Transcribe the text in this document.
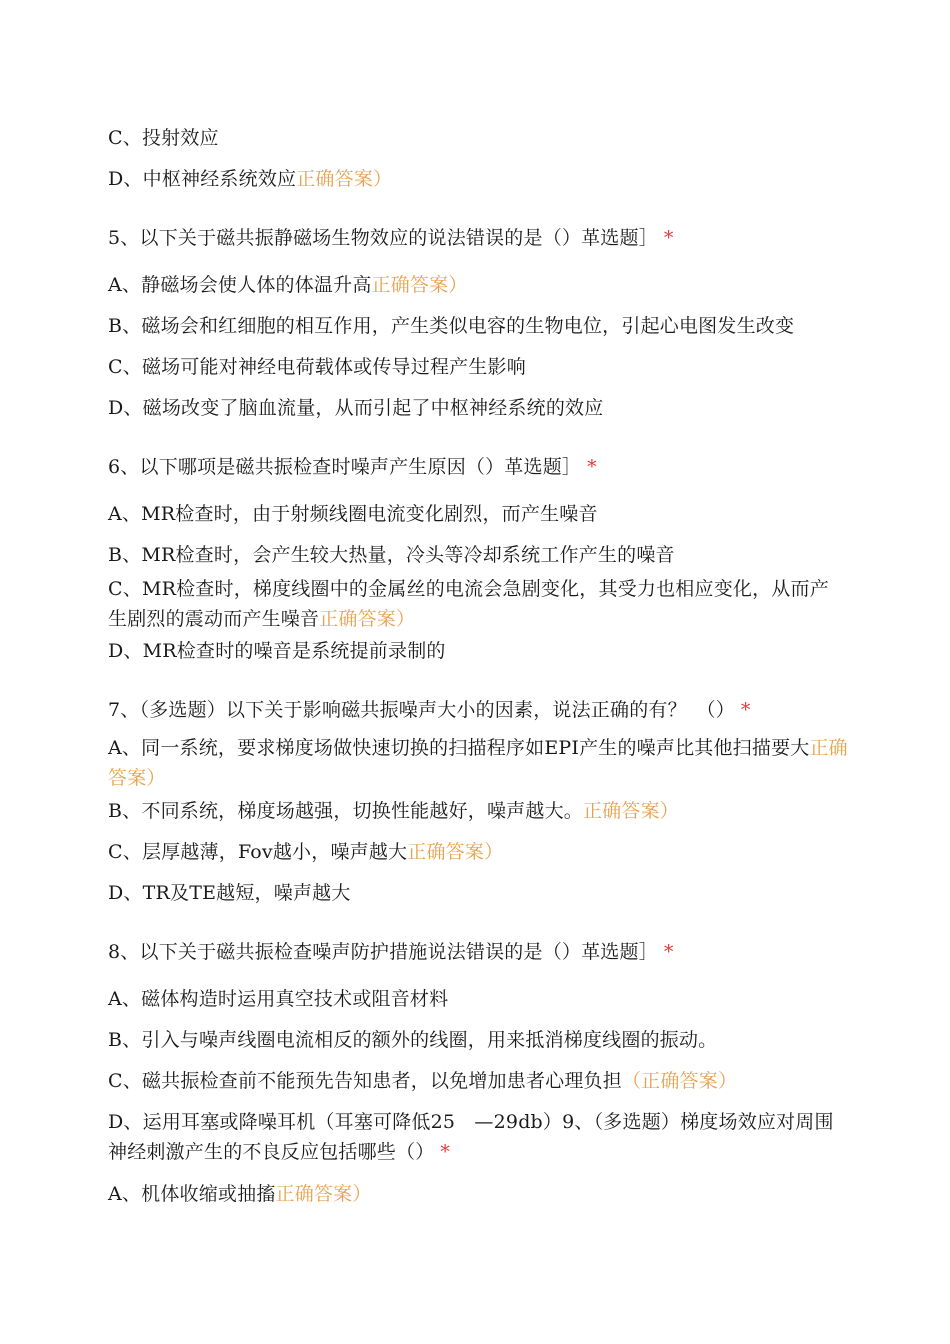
C、投射效应
D、中枢神经系统效应正确答案）
5、以下关于磁共振静磁场生物效应的说法错误的是（）革选题］ *
A、静磁场会使人体的体温升高正确答案）
B、磁场会和红细胞的相互作用，产生类似电容的生物电位，引起心电图发生改变
C、磁场可能对神经电荷载体或传导过程产生影响
D、磁场改变了脑血流量，从而引起了中枢神经系统的效应
6、以下哪项是磁共振检查时噪声产生原因（）革选题］ *
A、MR检查时，由于射频线圈电流变化剧烈，而产生噪音
B、MR检查时，会产生较大热量，冷头等冷却系统工作产生的噪音
C、MR检查时，梯度线圈中的金属丝的电流会急剧变化，其受力也相应变化，从而产生剧烈的震动而产生噪音正确答案）
D、MR检查时的噪音是系统提前录制的
7、（多选题）以下关于影响磁共振噪声大小的因素，说法正确的有？　（） *
A、同一系统，要求梯度场做快速切换的扫描程序如EPI产生的噪声比其他扫描要大正确答案）
B、不同系统，梯度场越强，切换性能越好，噪声越大。正确答案）
C、层厚越薄，Fov越小，噪声越大正确答案）
D、TR及TE越短，噪声越大
8、以下关于磁共振检查噪声防护措施说法错误的是（）革选题］ *
A、磁体构造时运用真空技术或阻音材料
B、引入与噪声线圈电流相反的额外的线圈，用来抵消梯度线圈的振动。
C、磁共振检查前不能预先告知患者，以免增加患者心理负担（正确答案）
D、运用耳塞或降噪耳机（耳塞可降低25　—29db）9、（多选题）梯度场效应对周围神经刺激产生的不良反应包括哪些（） *
A、机体收缩或抽搐正确答案）
